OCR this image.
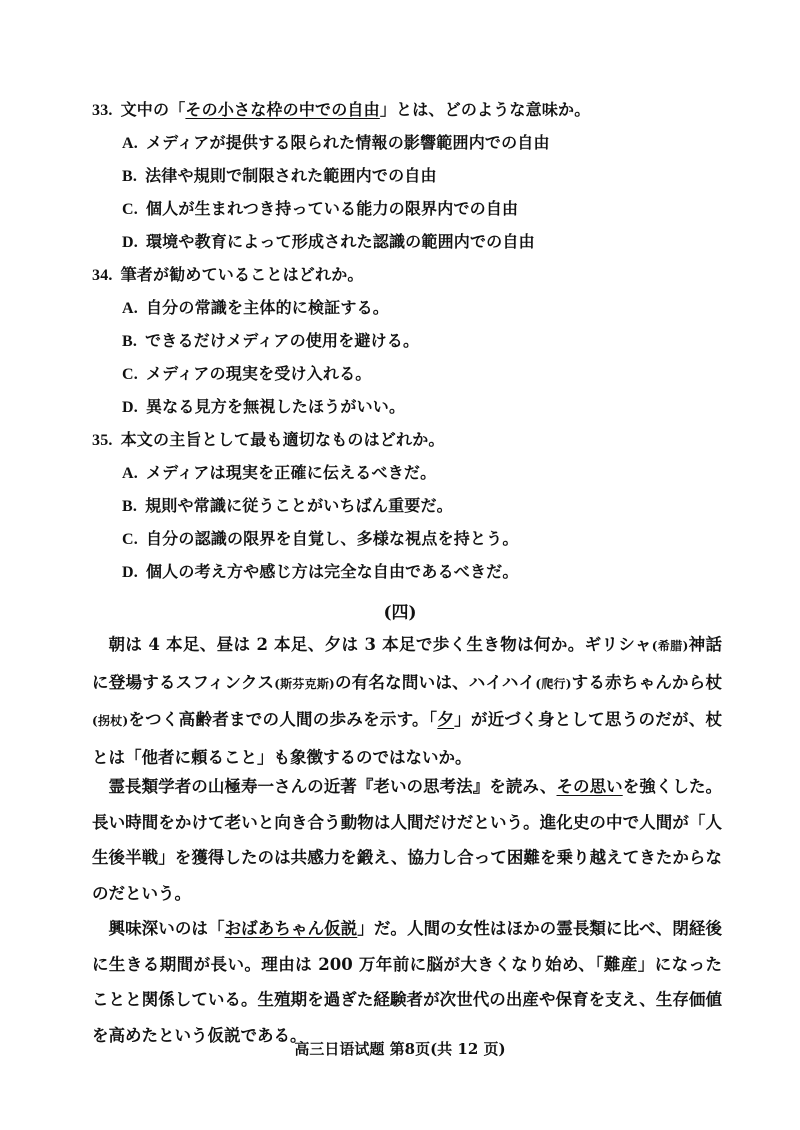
33. 文中の「その小さな枠の中での自由」とは、どのような意味か。
A. メディアが提供する限られた情報の影響範囲内での自由
B. 法律や規則で制限された範囲内での自由
C. 個人が生まれつき持っている能力の限界内での自由
D. 環境や教育によって形成された認識の範囲内での自由
34. 筆者が勧めていることはどれか。
A. 自分の常識を主体的に検証する。
B. できるだけメディアの使用を避ける。
C. メディアの現実を受け入れる。
D. 異なる見方を無視したほうがいい。
35. 本文の主旨として最も適切なものはどれか。
A. メディアは現実を正確に伝えるべきだ。
B. 規則や常識に従うことがいちばん重要だ。
C. 自分の認識の限界を自覚し、多様な視点を持とう。
D. 個人の考え方や感じ方は完全な自由であるべきだ。
(四)
朝は 4 本足、昼は 2 本足、夕は 3 本足で歩く生き物は何か。ギリシャ(希腊)神話に登場するスフィンクス(斯芬克斯)の有名な問いは、ハイハイ(爬行)する赤ちゃんから杖(拐杖)をつく高齢者までの人間の歩みを示す。「夕」が近づく身として思うのだが、杖とは「他者に頼ること」も象徴するのではないか。
霊長類学者の山極寿一さんの近著『老いの思考法』を読み、その思いを強くした。長い時間をかけて老いと向き合う動物は人間だけだという。進化史の中で人間が「人生後半戦」を獲得したのは共感力を鍛え、協力し合って困難を乗り越えてきたからなのだという。
興味深いのは「おばあちゃん仮説」だ。人間の女性はほかの霊長類に比べ、閉経後に生きる期間が長い。理由は 200 万年前に脳が大きくなり始め、「難産」になったことと関係している。生殖期を過ぎた経験者が次世代の出産や保育を支え、生存価値を高めたという仮説である。
高三日语试题 第8页(共 12 页)
